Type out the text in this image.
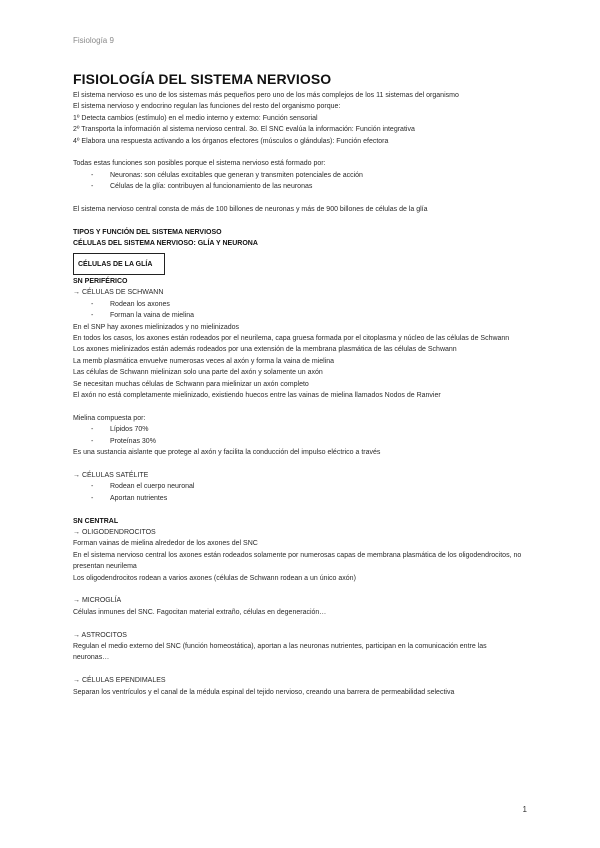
Fisiología 9
FISIOLOGÍA DEL SISTEMA NERVIOSO

El sistema nervioso es uno de los sistemas más pequeños pero uno de los más complejos de los 11 sistemas del organismo

El sistema nervioso y endocrino regulan las funciones del resto del organismo porque:

1º Detecta cambios (estímulo) en el medio interno y externo: Función sensorial

2º Transporta la información al sistema nervioso central. 3o. El SNC evalúa la información: Función integrativa

4º Elabora una respuesta activando a los órganos efectores (músculos o glándulas): Función efectora

Todas estas funciones son posibles porque el sistema nervioso está formado por:

- Neuronas: son células excitables que generan y transmiten potenciales de acción
- Células de la glía: contribuyen al funcionamiento de las neuronas

El sistema nervioso central consta de más de 100 billones de neuronas y más de 900 billones de células de la glía

TIPOS Y FUNCIÓN DEL SISTEMA NERVIOSO

CÉLULAS DEL SISTEMA NERVIOSO: GLÍA Y NEURONA

CÉLULAS DE LA GLÍA

SN PERIFÉRICO

→ CÉLULAS DE SCHWANN

- Rodean los axones
- Forman la vaina de mielina

En el SNP hay axones mielinizados y no mielinizados

En todos los casos, los axones están rodeados por el neurilema, capa gruesa formada por el citoplasma y núcleo de las células de Schwann

Los axones mielinizados están además rodeados por una extensión de la membrana plasmática de las células de Schwann

La memb plasmática envuelve numerosas veces al axón y forma la vaina de mielina

Las células de Schwann mielinizan solo una parte del axón y solamente un axón

Se necesitan muchas células de Schwann para mielinizar un axón completo

El axón no está completamente mielinizado, existiendo huecos entre las vainas de mielina llamados Nodos de Ranvier

Mielina compuesta por:

- Lípidos 70%
- Proteínas 30%

Es una sustancia aislante que protege al axón y facilita la conducción del impulso eléctrico a través

→ CÉLULAS SATÉLITE

- Rodean el cuerpo neuronal
- Aportan nutrientes

SN CENTRAL

→ OLIGODENDROCITOS

Forman vainas de mielina alrededor de los axones del SNC

En el sistema nervioso central los axones están rodeados solamente por numerosas capas de membrana plasmática de los oligodendrocitos, no presentan neurilema

Los oligodendrocitos rodean a varios axones (células de Schwann rodean a un único axón)

→ MICROGLÍA

Células inmunes del SNC. Fagocitan material extraño, células en degeneración…

→ ASTROCITOS

Regulan el medio externo del SNC (función homeostática), aportan a las neuronas nutrientes, participan en la comunicación entre las neuronas…

→ CÉLULAS EPENDIMALES

Separan los ventrículos y el canal de la médula espinal del tejido nervioso, creando una barrera de permeabilidad selectiva

1
